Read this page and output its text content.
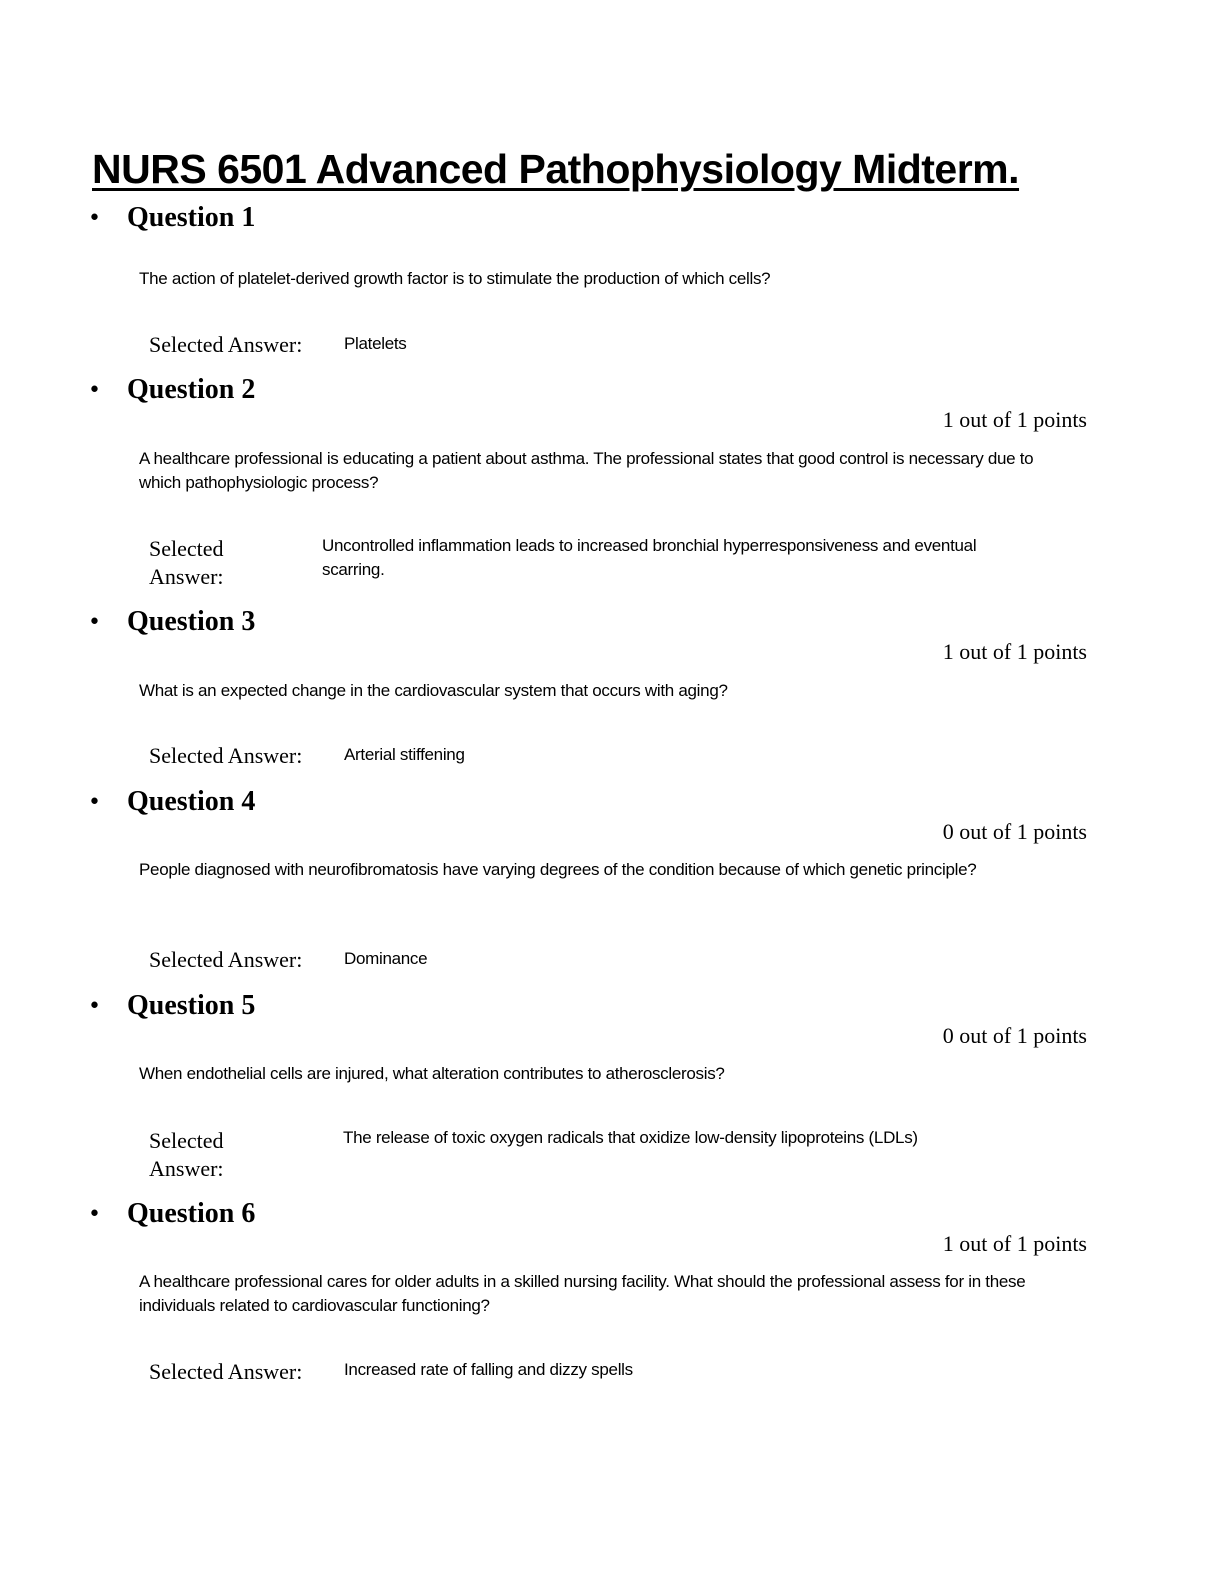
NURS 6501 Advanced Pathophysiology Midterm.
• Question 1
The action of platelet-derived growth factor is to stimulate the production of which cells?
Selected Answer: Platelets
• Question 2
1 out of 1 points
A healthcare professional is educating a patient about asthma. The professional states that good control is necessary due to which pathophysiologic process?
Selected
Answer:
Uncontrolled inflammation leads to increased bronchial hyperresponsiveness and eventual scarring.
• Question 3
1 out of 1 points
What is an expected change in the cardiovascular system that occurs with aging?
Selected Answer: Arterial stiffening
• Question 4
0 out of 1 points
People diagnosed with neurofibromatosis have varying degrees of the condition because of which genetic principle?
Selected Answer: Dominance
• Question 5
0 out of 1 points
When endothelial cells are injured, what alteration contributes to atherosclerosis?
Selected
Answer:
The release of toxic oxygen radicals that oxidize low-density lipoproteins (LDLs)
• Question 6
1 out of 1 points
A healthcare professional cares for older adults in a skilled nursing facility. What should the professional assess for in these individuals related to cardiovascular functioning?
Selected Answer: Increased rate of falling and dizzy spells
